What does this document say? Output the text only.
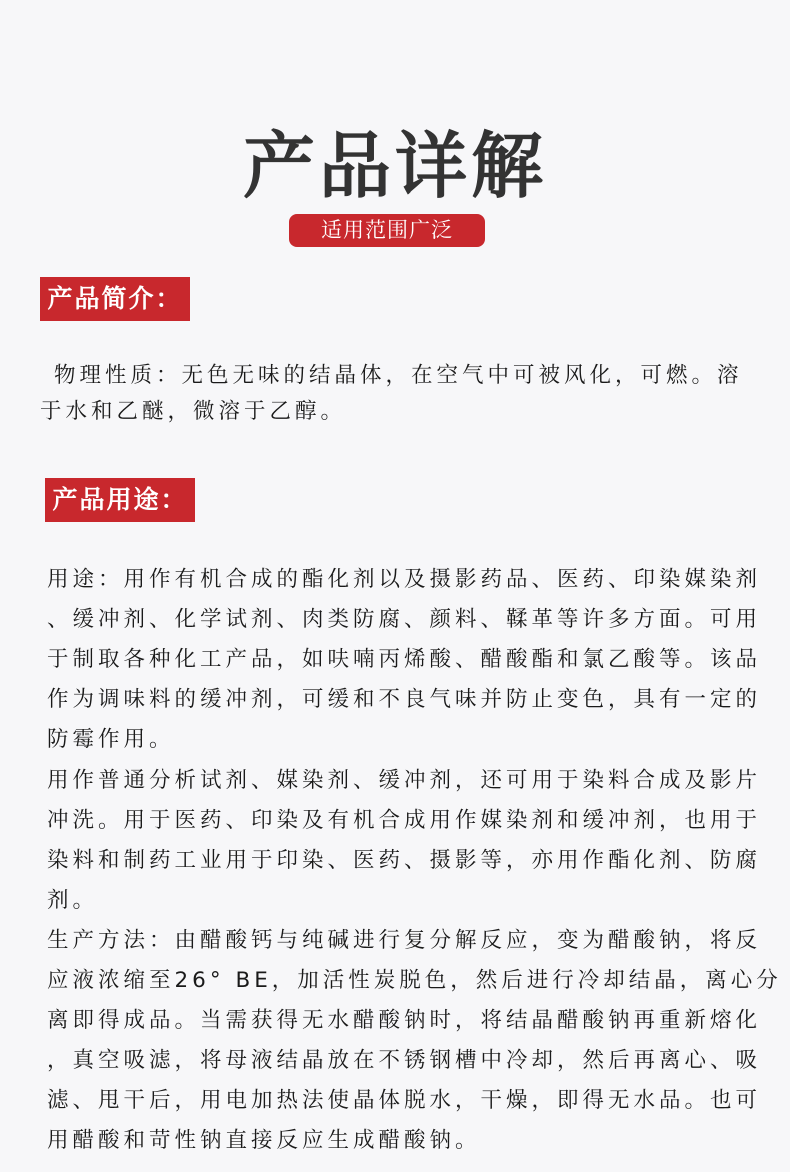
产品详解
适用范围广泛
产品简介：
物理性质：无色无味的结晶体，在空气中可被风化，可燃。溶
于水和乙醚，微溶于乙醇。
产品用途：
用途：用作有机合成的酯化剂以及摄影药品、医药、印染媒染剂
、缓冲剂、化学试剂、肉类防腐、颜料、鞣革等许多方面。可用
于制取各种化工产品，如呋喃丙烯酸、醋酸酯和氯乙酸等。该品
作为调味料的缓冲剂，可缓和不良气味并防止变色，具有一定的
防霉作用。
用作普通分析试剂、媒染剂、缓冲剂，还可用于染料合成及影片
冲洗。用于医药、印染及有机合成用作媒染剂和缓冲剂，也用于
染料和制药工业用于印染、医药、摄影等，亦用作酯化剂、防腐
剂。
生产方法：由醋酸钙与纯碱进行复分解反应，变为醋酸钠，将反
应液浓缩至26° BE，加活性炭脱色，然后进行冷却结晶，离心分
离即得成品。当需获得无水醋酸钠时，将结晶醋酸钠再重新熔化
，真空吸滤，将母液结晶放在不锈钢槽中冷却，然后再离心、吸
滤、甩干后，用电加热法使晶体脱水，干燥，即得无水品。也可
用醋酸和苛性钠直接反应生成醋酸钠。
